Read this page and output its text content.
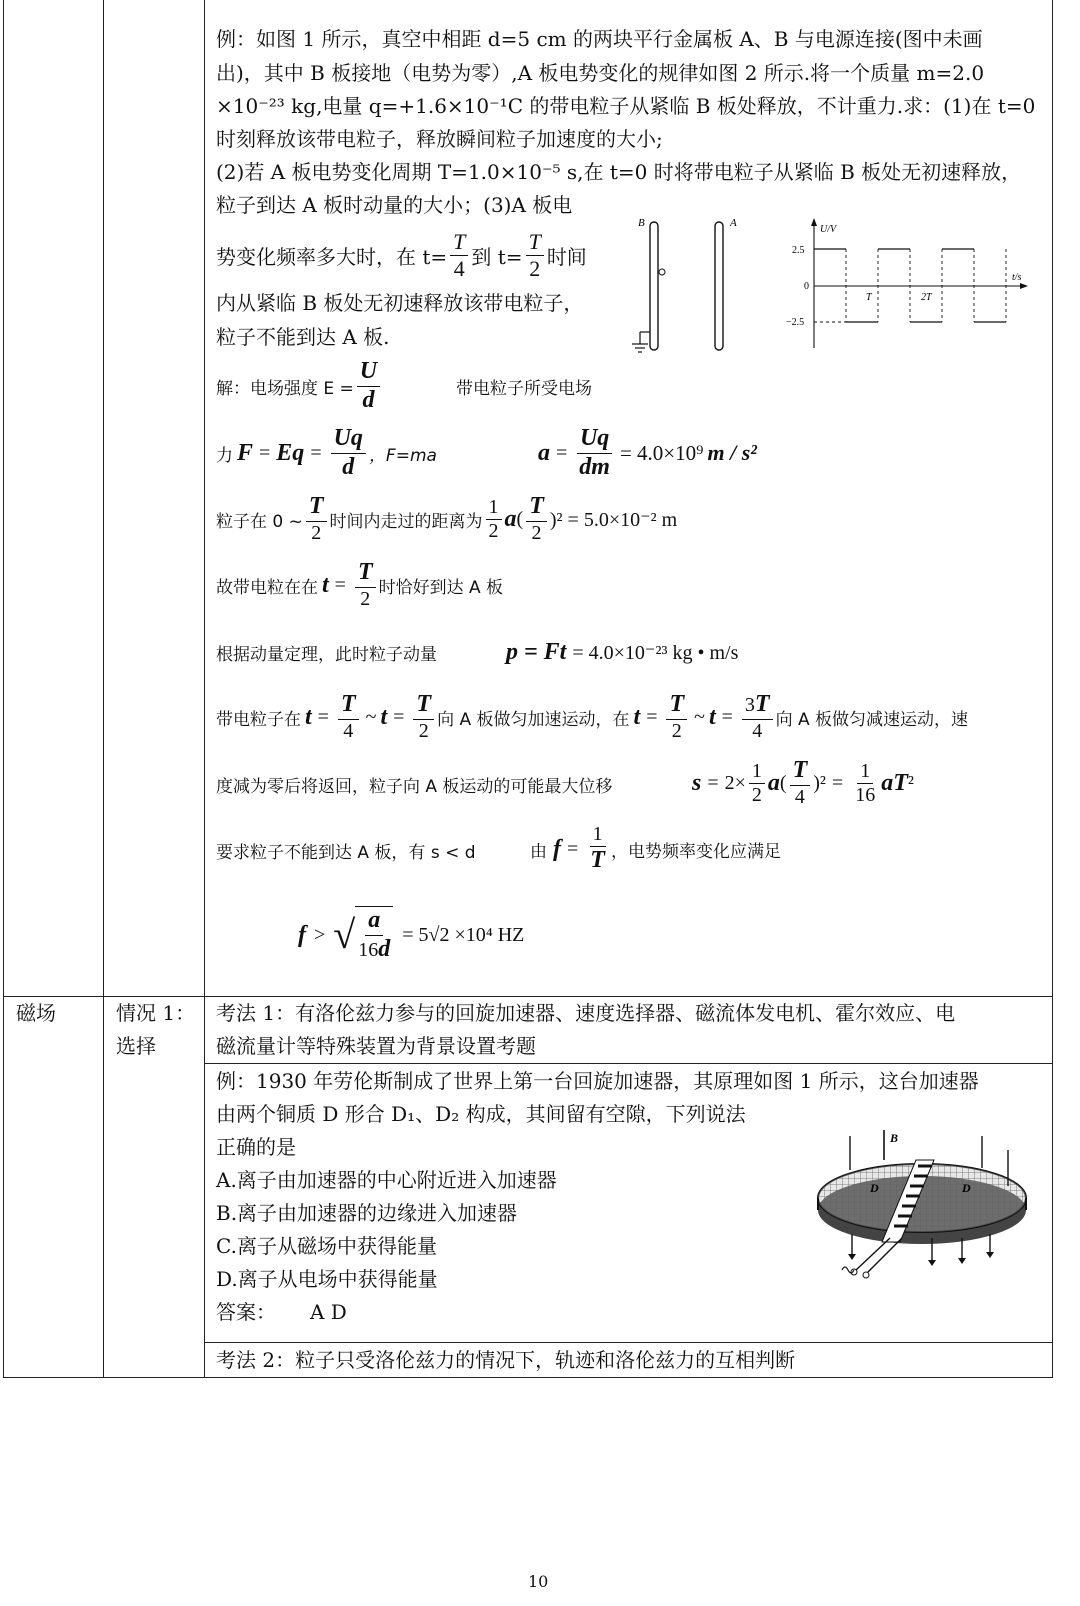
例：如图 1 所示，真空中相距 d=5 cm 的两块平行金属板 A、B 与电源连接(图中未画
出)，其中 B 板接地（电势为零）,A 板电势变化的规律如图 2 所示.将一个质量 m=2.0
×10⁻²³ kg,电量 q=+1.6×10⁻¹C 的带电粒子从紧临 B 板处释放，不计重力.求：(1)在 t=0
时刻释放该带电粒子，释放瞬间粒子加速度的大小;
(2)若 A 板电势变化周期 T=1.0×10⁻⁵ s,在 t=0 时将带电粒子从紧临 B 板处无初速释放，
粒子到达 A 板时动量的大小；(3)A 板电
势变化频率多大时，在 $t= \frac{T}{4}$ 到 $t= \frac{T}{2}$ 时间
内从紧临 B 板处无初速释放该带电粒子，
粒子不能到达 A 板.
B	A
U/V
t/s
2.5
0
−2.5
T	2T
解：电场强度 $E = \frac{U}{d}$	带电粒子所受电场
力 $F = Eq = \frac{Uq}{d}$ ，F=ma	$a = \frac{Uq}{dm} = 4.0\times 10^9$ m / s²
粒子在 0 ~ $\frac{T}{2}$ 时间内走过的距离为 $\frac{1}{2}$ a ( $\frac{T}{2} )^2 = 5.0\times 10^{-2}$ m
故带电粒在在 $t = \frac{T}{2}$ 时恰好到达 A 板
根据动量定理，此时粒子动量	p = Ft = 4.0×10⁻²³ kg • m/s
带电粒子在 $t = \frac{T}{4}$ ~ $t = \frac{T}{2}$ 向 A 板做匀加速运动，在 $t = \frac{T}{2}$ ~ $t = \frac{3T}{4}$ 向 A 板做匀减速运动，速
度减为零后将返回，粒子向 A 板运动的可能最大位移	$s = 2\times \frac{1}{2}$ a ( $\frac{T}{4} )^2 = \frac{1}{16}$ aT ²
要求粒子不能到达 A 板，有 s < d	由 $f = \frac{1}{T}$ ，电势频率变化应满足
f > √ $\frac{a}{16d} = 5√2 \times 10^4$ HZ
磁场	情况 1：
选择
考法 1：有洛伦兹力参与的回旋加速器、速度选择器、磁流体发电机、霍尔效应、电
磁流量计等特殊装置为背景设置考题
例：1930 年劳伦斯制成了世界上第一台回旋加速器，其原理如图 1 所示，这台加速器
由两个铜质 D 形合 D₁、D₂ 构成，其间留有空隙，下列说法
正确的是
A.离子由加速器的中心附近进入加速器
B.离子由加速器的边缘进入加速器
C.离子从磁场中获得能量
D.离子从电场中获得能量
答案： A D
D	D
B
考法 2：粒子只受洛伦兹力的情况下，轨迹和洛伦兹力的互相判断
10
